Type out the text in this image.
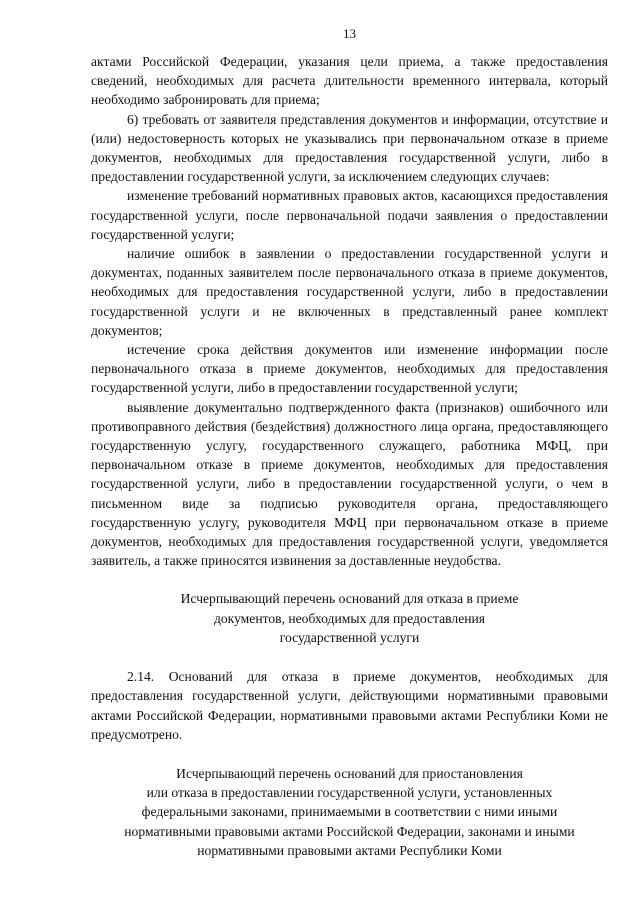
13

актами Российской Федерации, указания цели приема, а также предоставления сведений, необходимых для расчета длительности временного интервала, который необходимо забронировать для приема;

6) требовать от заявителя представления документов и информации, отсутствие и (или) недостоверность которых не указывались при первоначальном отказе в приеме документов, необходимых для предоставления государственной услуги, либо в предоставлении государственной услуги, за исключением следующих случаев:

изменение требований нормативных правовых актов, касающихся предоставления государственной услуги, после первоначальной подачи заявления о предоставлении государственной услуги;

наличие ошибок в заявлении о предоставлении государственной услуги и документах, поданных заявителем после первоначального отказа в приеме документов, необходимых для предоставления государственной услуги, либо в предоставлении государственной услуги и не включенных в представленный ранее комплект документов;

истечение срока действия документов или изменение информации после первоначального отказа в приеме документов, необходимых для предоставления государственной услуги, либо в предоставлении государственной услуги;

выявление документально подтвержденного факта (признаков) ошибочного или противоправного действия (бездействия) должностного лица органа, предоставляющего государственную услугу, государственного служащего, работника МФЦ, при первоначальном отказе в приеме документов, необходимых для предоставления государственной услуги, либо в предоставлении государственной услуги, о чем в письменном виде за подписью руководителя органа, предоставляющего государственную услугу, руководителя МФЦ при первоначальном отказе в приеме документов, необходимых для предоставления государственной услуги, уведомляется заявитель, а также приносятся извинения за доставленные неудобства.

Исчерпывающий перечень оснований для отказа в приеме

документов, необходимых для предоставления

государственной услуги

2.14. Оснований для отказа в приеме документов, необходимых для предоставления государственной услуги, действующими нормативными правовыми актами Российской Федерации, нормативными правовыми актами Республики Коми не предусмотрено.

Исчерпывающий перечень оснований для приостановления

или отказа в предоставлении государственной услуги, установленных

федеральными законами, принимаемыми в соответствии с ними иными

нормативными правовыми актами Российской Федерации, законами и иными

нормативными правовыми актами Республики Коми
